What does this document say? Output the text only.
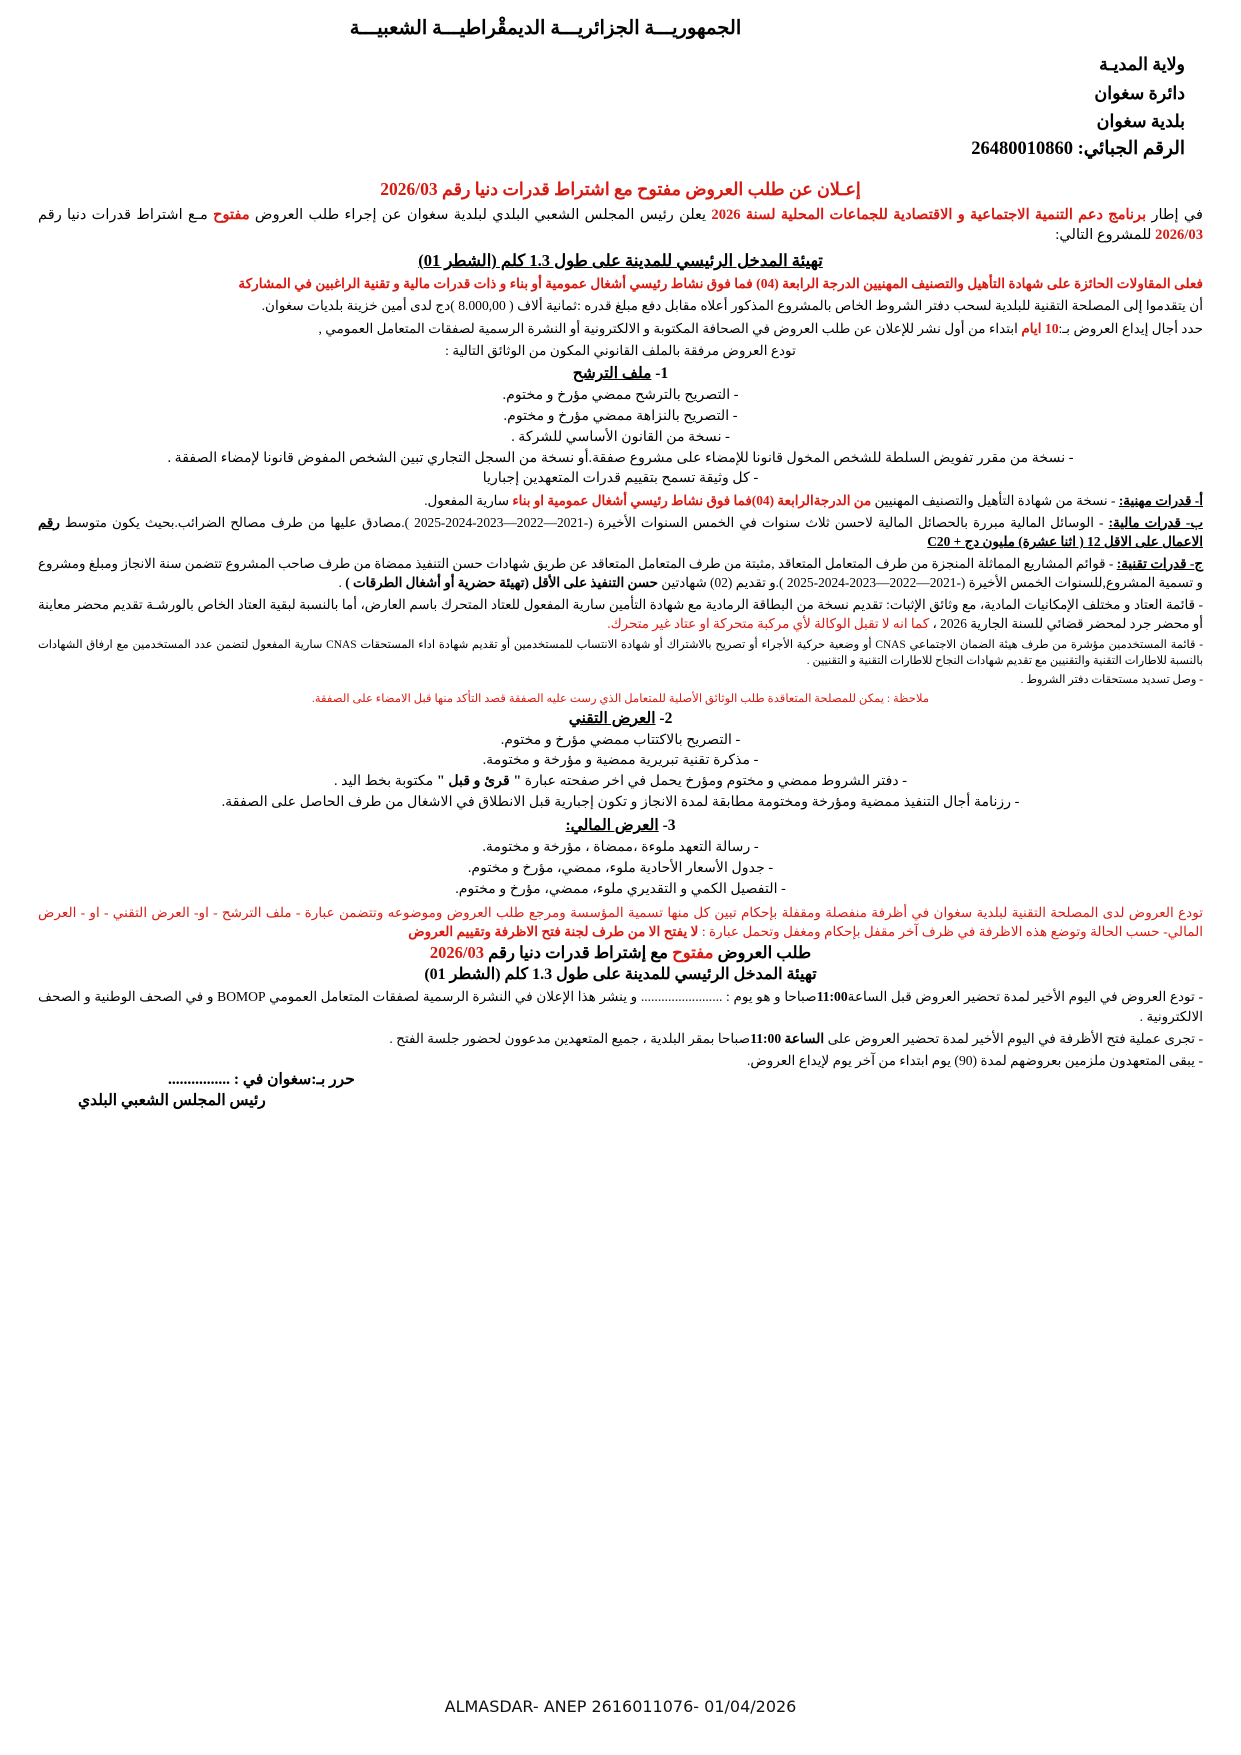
الجمهوريـــة الجزائريـــة الديمقْراطيـــة الشعبيـــة
ولاية المديـة
دائرة سغوان
بلدية سغوان
الرقم الجبائي: 26480010860
إعـلان عن طلب العروض مفتوح مع اشتراط قدرات دنيا رقم 2026/03
في إطار برنامج دعم التنمية الاجتماعية و الاقتصادية للجماعات المحلية لسنة 2026 يعلن رئيس المجلس الشعبي البلدي لبلدية سغوان عن إجراء طلب العروض مفتوح مـع اشتراط قدرات دنيا رقم 2026/03 للمشروع التالي:
تهيئة المدخل الرئيسي للمدينة على طول 1.3 كلم (الشطر 01)
فعلى المقاولات الحائزة على شهادة التأهيل والتصنيف المهنيين الدرجة الرابعة (04) فما فوق نشاط رئيسي أشغال عمومية أو بناء و ذات قدرات مالية و تقنية الراغبين في المشاركة
أن يتقدموا إلى المصلحة التقنية للبلدية لسحب دفتر الشروط الخاص بالمشروع المذكور أعلاه مقابل دفع مبلغ قدره :ثمانية ألاف ( 8.000,00 )دج لدى أمين خزينة بلديات سغوان.
حدد أجال إيداع العروض بـ:10 ايام ابتداء من أول نشر للإعلان عن طلب العروض في الصحافة المكتوبة و الالكترونية أو النشرة الرسمية لصفقات المتعامل العمومي ,
تودع العروض مرفقة بالملف القانوني المكون من الوثائق التالية :
1- ملف الترشح
- التصريح بالترشح ممضي مؤرخ و مختوم.
- التصريح بالنزاهة ممضي مؤرخ و مختوم.
- نسخة من القانون الأساسي للشركة .
- نسخة من مقرر تفويض السلطة للشخص المخول قانونا للإمضاء على مشروع صفقة.أو نسخة من السجل التجاري تبين الشخص المفوض قانونا لإمضاء الصفقة .
- كل وثيقة تسمح بتقييم قدرات المتعهدين إجباريا
أ- قدرات مهنية: - نسخة من شهادة التأهيل والتصنيف المهنيين من الدرجةالرابعة (04)فما فوق نشاط رئيسي أشغال عمومية او بناء سارية المفعول.
ب- قدرات مالية: - الوسائل المالية مبررة بالحصائل المالية لاحسن ثلاث سنوات في الخمس السنوات الأخيرة (-2021—2022—2023-2024-2025 ).مصادق عليها من طرف مصالح الضرائب.بحيث يكون متوسط رقم الاعمال على الاقل 12 ( اثنا عشرة) مليون دج + C20
ج- قدرات تقنية: - قوائم المشاريع المماثلة المنجزة من طرف المتعامل المتعاقد ,مثبتة من طرف المتعامل المتعاقد عن طريق شهادات حسن التنفيذ ممضاة من طرف صاحب المشروع تتضمن سنة الانجاز ومبلغ ومشروع و تسمية المشروع,للسنوات الخمس الأخيرة (-2021—2022—2023-2024-2025 ).و تقديم (02) شهادتين حسن التنفيذ على الأقل (تهيئة حضرية أو أشغال الطرقات ) .
- قائمة العتاد و مختلف الإمكانيات المادية، مع وثائق الإثبات: تقديم نسخة من البطاقة الرمادية مع شهادة التأمين سارية المفعول للعتاد المتحرك باسم العارض، أما بالنسبة لبقية العتاد الخاص بالورشـة تقديم محضر معاينة أو محضر جرد لمحضر قضائي للسنة الجارية 2026 ، كما انه لا تقبل الوكالة لأي مركبة متحركة او عتاد غير متحرك.
- قائمة المستخدمين مؤشرة من طرف هيئة الضمان الاجتماعي CNAS أو وضعية حركية الأجراء أو تصريح بالاشتراك أو شهادة الانتساب للمستخدمين أو تقديم شهادة اداء المستحقات CNAS سارية المفعول لتضمن عدد المستخدمين مع ارفاق الشهادات بالنسبة للاطارات التقنية والتقنيين مع تقديم شهادات النجاح للاطارات التقنية و التقنيين .
- وصل تسديد مستحقات دفتر الشروط .
ملاحظة : يمكن للمصلحة المتعاقدة طلب الوثائق الأصلية للمتعامل الذي رست عليه الصفقة قصد التأكد منها قبل الامضاء على الصفقة.
2- العرض التقني
- التصريح بالاكتتاب ممضي مؤرخ و مختوم.
- مذكرة تقنية تبريرية ممضية و مؤرخة و مختومة.
- دفتر الشروط ممضي و مختوم ومؤرخ يحمل في اخر صفحته عبارة " قرئ و قبل " مكتوبة بخط اليد .
- رزنامة أجال التنفيذ ممضية ومؤرخة ومختومة مطابقة لمدة الانجاز و تكون إجبارية قبل الانطلاق في الاشغال من طرف الحاصل على الصفقة.
3- العرض المالي:
- رسالة التعهد ملوءة ،ممضاة ، مؤرخة و مختومة.
- جدول الأسعار الأحادية ملوء، ممضي، مؤرخ و مختوم.
- التفصيل الكمي و التقديري ملوء، ممضي، مؤرخ و مختوم.
تودع العروض لدى المصلحة التقنية لبلدية سغوان في أظرفة منفصلة ومقفلة بإحكام تبين كل منها تسمية المؤسسة ومرجع طلب العروض وموضوعه وتتضمن عبارة - ملف الترشح - او- العرض التقني - او - العرض المالي- حسب الحالة وتوضع هذه الاظرفة في ظرف آخر مقفل بإحكام ومغفل وتحمل عبارة : لا يفتح الا من طرف لجنة فتح الاظرفة وتقييم العروض
طلب العروض مفتوح مع إشتراط قدرات دنيا رقم 2026/03
تهيئة المدخل الرئيسي للمدينة على طول 1.3 كلم (الشطر 01)
- تودع العروض في اليوم الأخير لمدة تحضير العروض قبل الساعة11:00صباحا و هو يوم : ........................ و ينشر هذا الإعلان في النشرة الرسمية لصفقات المتعامل العمومي BOMOP و في الصحف الوطنية و الصحف الالكترونية .
- تجرى عملية فتح الأظرفة في اليوم الأخير لمدة تحضير العروض على الساعة 11:00صباحا بمقر البلدية ، جميع المتعهدين مدعوون لحضور جلسة الفتح .
- يبقى المتعهدون ملزمين بعروضهم لمدة (90) يوم ابتداء من آخر يوم لإيداع العروض.
حرر بـ:سغوان في : ................
رئيس المجلس الشعبي البلدي
ALMASDAR- ANEP 2616011076- 01/04/2026
